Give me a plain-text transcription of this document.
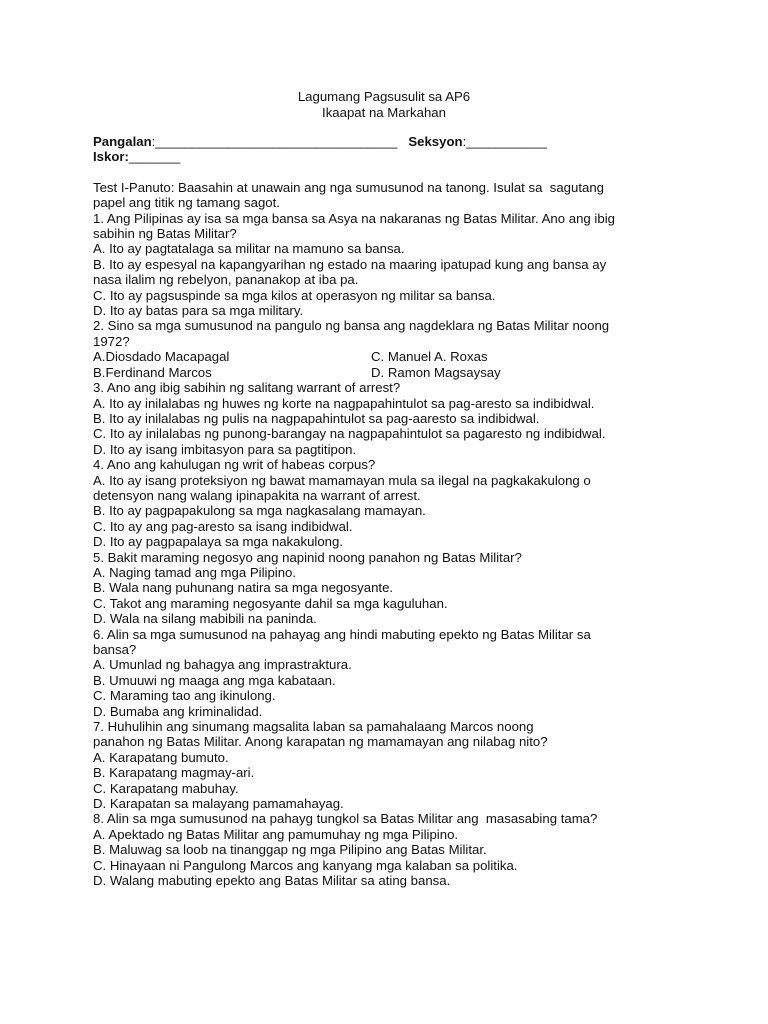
Lagumang Pagsusulit sa AP6
Ikaapat na Markahan
Pangalan:_________________________________ Seksyon:___________
Iskor:_______
Test I-Panuto: Baasahin at unawain ang nga sumusunod na tanong. Isulat sa  sagutang
papel ang titik ng tamang sagot.
1. Ang Pilipinas ay isa sa mga bansa sa Asya na nakaranas ng Batas Militar. Ano ang ibig
sabihin ng Batas Militar?
A. Ito ay pagtatalaga sa militar na mamuno sa bansa.
B. Ito ay espesyal na kapangyarihan ng estado na maaring ipatupad kung ang bansa ay
nasa ilalim ng rebelyon, pananakop at iba pa.
C. Ito ay pagsuspinde sa mga kilos at operasyon ng militar sa bansa.
D. Ito ay batas para sa mga military.
2. Sino sa mga sumusunod na pangulo ng bansa ang nagdeklara ng Batas Militar noong
1972?
A.Diosdado Macapagal	C. Manuel A. Roxas
B.Ferdinand Marcos	D. Ramon Magsaysay
3. Ano ang ibig sabihin ng salitang warrant of arrest?
A. Ito ay inilalabas ng huwes ng korte na nagpapahintulot sa pag-aresto sa indibidwal.
B. Ito ay inilalabas ng pulis na nagpapahintulot sa pag-aaresto sa indibidwal.
C. Ito ay inilalabas ng punong-barangay na nagpapahintulot sa pagaresto ng indibidwal.
D. Ito ay isang imbitasyon para sa pagtitipon.
4. Ano ang kahulugan ng writ of habeas corpus?
A. Ito ay isang proteksiyon ng bawat mamamayan mula sa ilegal na pagkakakulong o
detensyon nang walang ipinapakita na warrant of arrest.
B. Ito ay pagpapakulong sa mga nagkasalang mamayan.
C. Ito ay ang pag-aresto sa isang indibidwal.
D. Ito ay pagpapalaya sa mga nakakulong.
5. Bakit maraming negosyo ang napinid noong panahon ng Batas Militar?
A. Naging tamad ang mga Pilipino.
B. Wala nang puhunang natira sa mga negosyante.
C. Takot ang maraming negosyante dahil sa mga kaguluhan.
D. Wala na silang mabibili na paninda.
6. Alin sa mga sumusunod na pahayag ang hindi mabuting epekto ng Batas Militar sa
bansa?
A. Umunlad ng bahagya ang imprastraktura.
B. Umuuwi ng maaga ang mga kabataan.
C. Maraming tao ang ikinulong.
D. Bumaba ang kriminalidad.
7. Huhulihin ang sinumang magsalita laban sa pamahalaang Marcos noong
panahon ng Batas Militar. Anong karapatan ng mamamayan ang nilabag nito?
A. Karapatang bumuto.
B. Karapatang magmay-ari.
C. Karapatang mabuhay.
D. Karapatan sa malayang pamamahayag.
8. Alin sa mga sumusunod na pahayg tungkol sa Batas Militar ang  masasabing tama?
A. Apektado ng Batas Militar ang pamumuhay ng mga Pilipino.
B. Maluwag sa loob na tinanggap ng mga Pilipino ang Batas Militar.
C. Hinayaan ni Pangulong Marcos ang kanyang mga kalaban sa politika.
D. Walang mabuting epekto ang Batas Militar sa ating bansa.
